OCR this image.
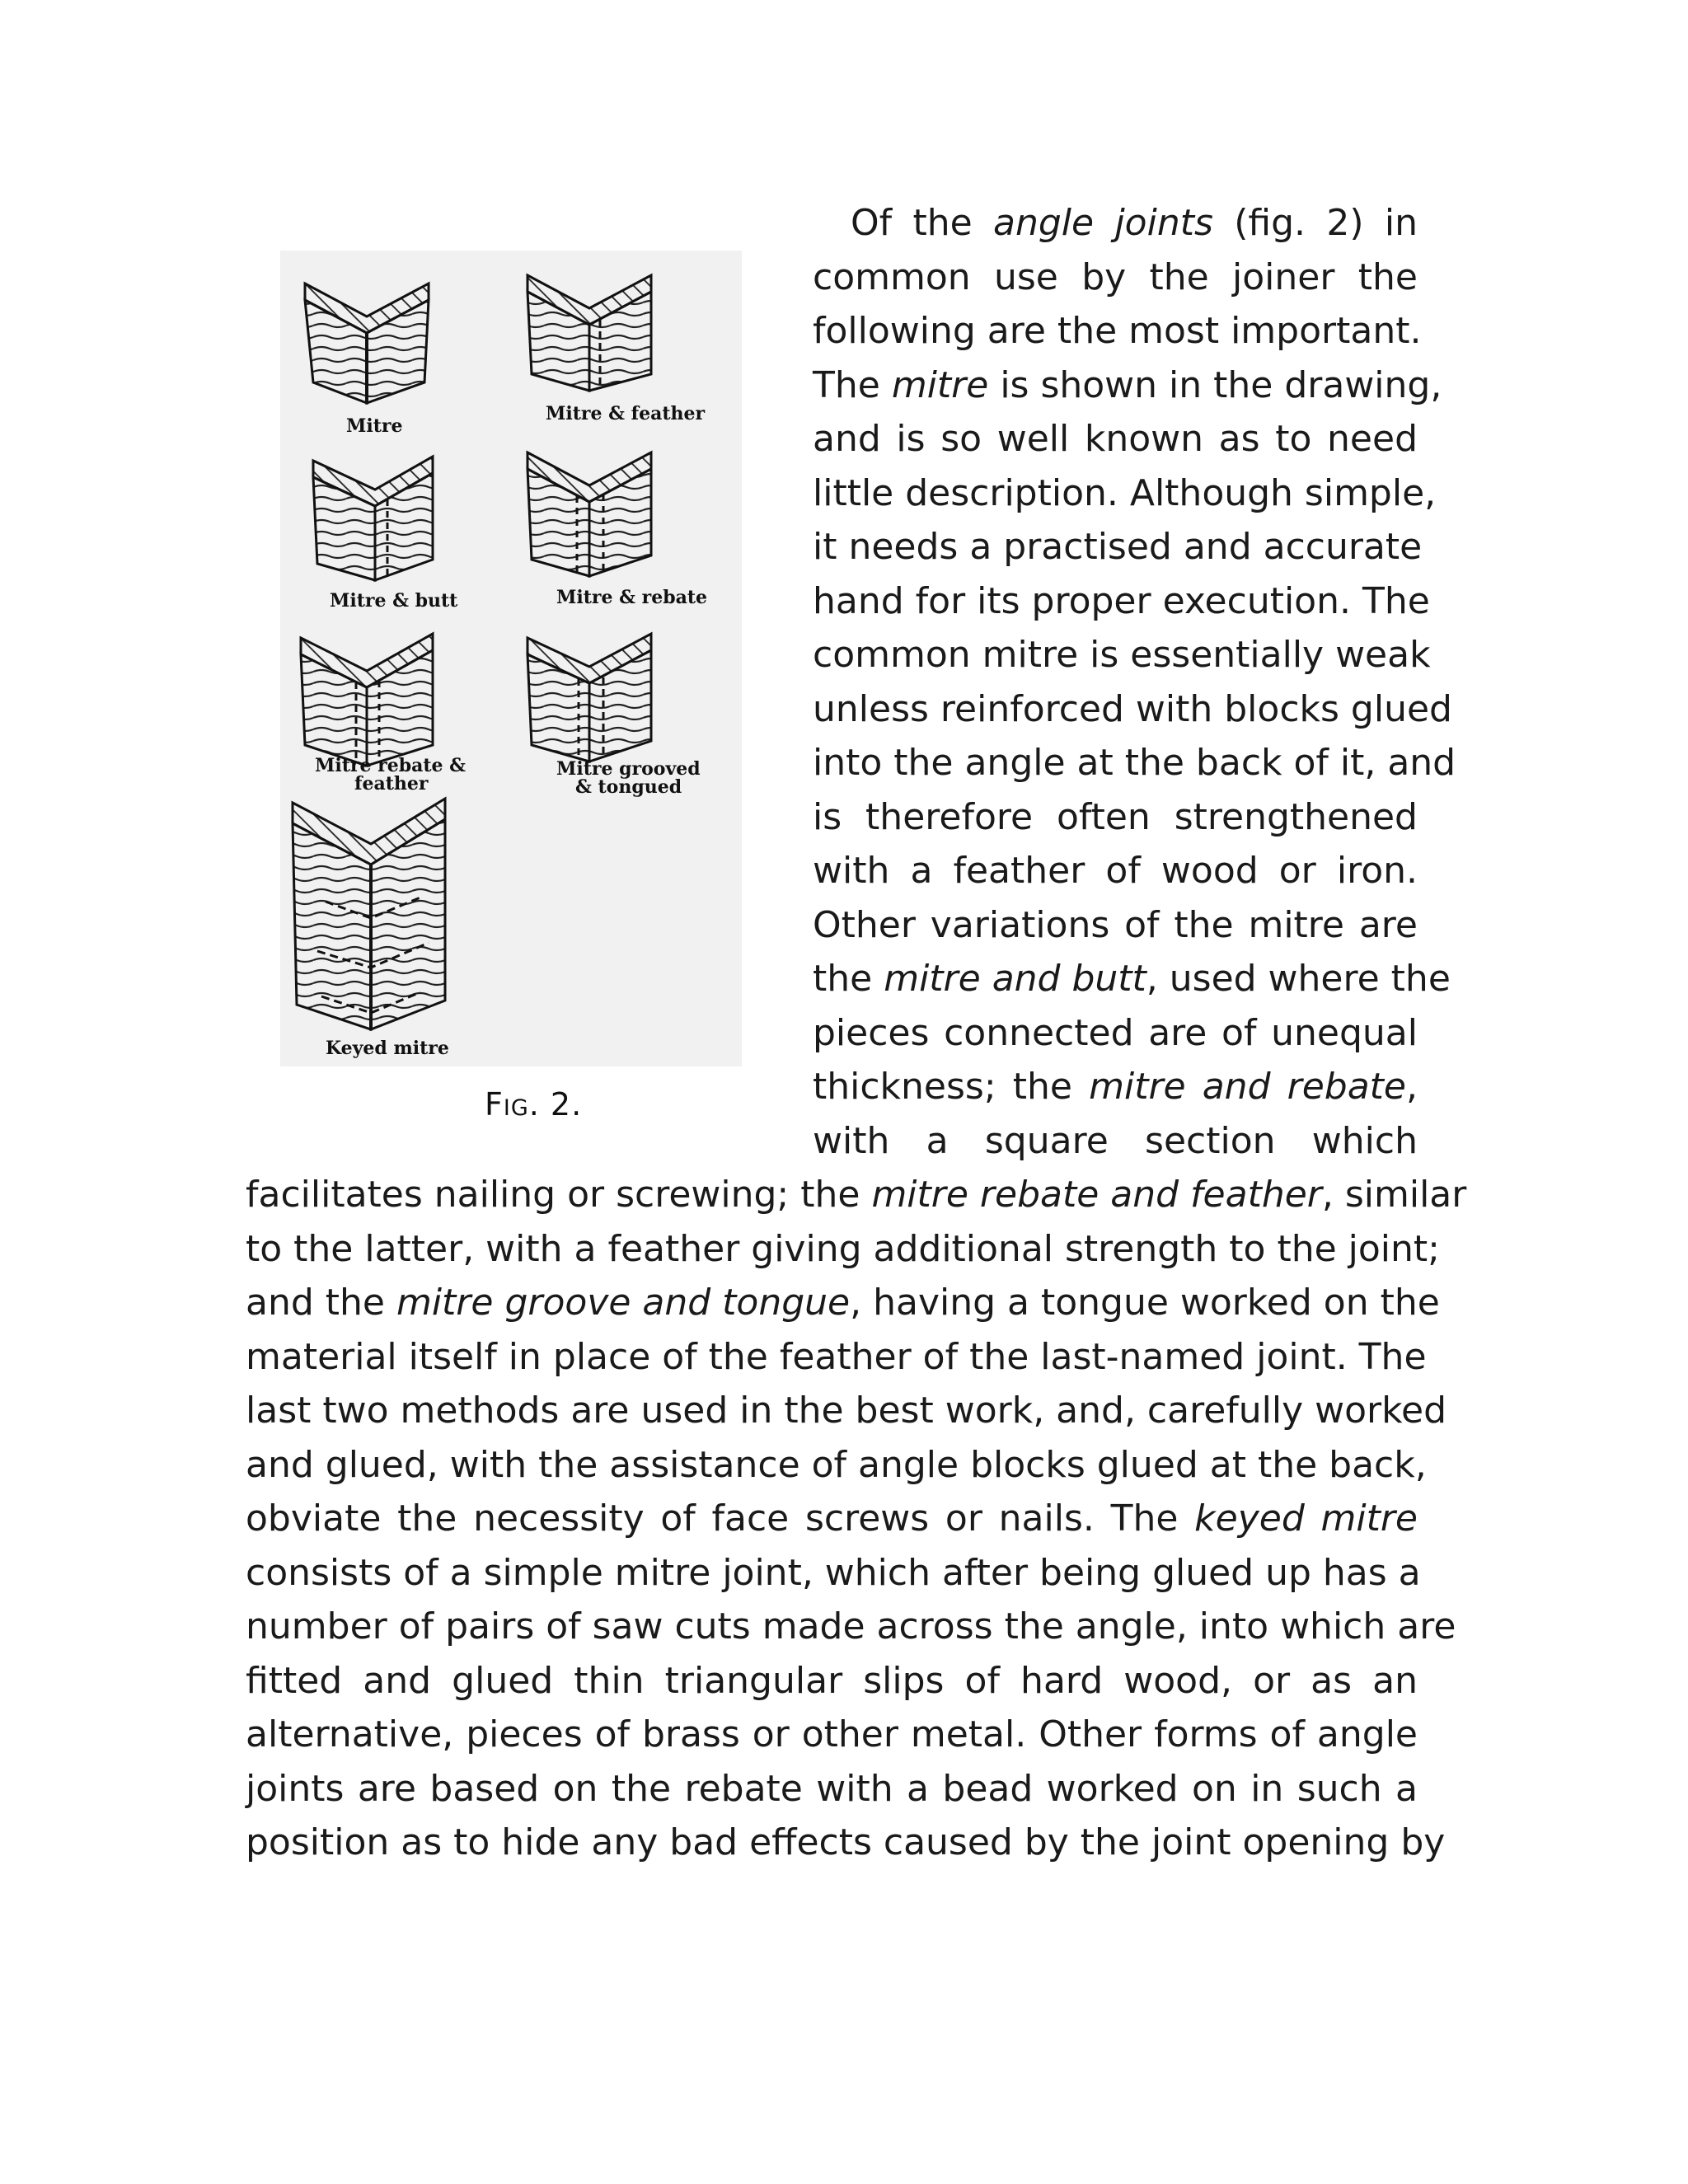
Mitre
Mitre & feather
Mitre & butt	Mitre & rebate
Mitre rebate &
feather
Mitre grooved
& tongued
Keyed mitre
Fig. 2.
Of the angle joints (fig. 2) in
common use by the joiner the
following are the most important.
The mitre is shown in the drawing,
and is so well known as to need
little description. Although simple,
it needs a practised and accurate
hand for its proper execution. The
common mitre is essentially weak
unless reinforced with blocks glued
into the angle at the back of it, and
is therefore often strengthened
with a feather of wood or iron.
Other variations of the mitre are
the mitre and butt, used where the
pieces connected are of unequal
thickness; the mitre and rebate,
with a square section which
facilitates nailing or screwing; the mitre rebate and feather, similar
to the latter, with a feather giving additional strength to the joint;
and the mitre groove and tongue, having a tongue worked on the
material itself in place of the feather of the last-named joint. The
last two methods are used in the best work, and, carefully worked
and glued, with the assistance of angle blocks glued at the back,
obviate the necessity of face screws or nails. The keyed mitre
consists of a simple mitre joint, which after being glued up has a
number of pairs of saw cuts made across the angle, into which are
fitted and glued thin triangular slips of hard wood, or as an
alternative, pieces of brass or other metal. Other forms of angle
joints are based on the rebate with a bead worked on in such a
position as to hide any bad effects caused by the joint opening by
